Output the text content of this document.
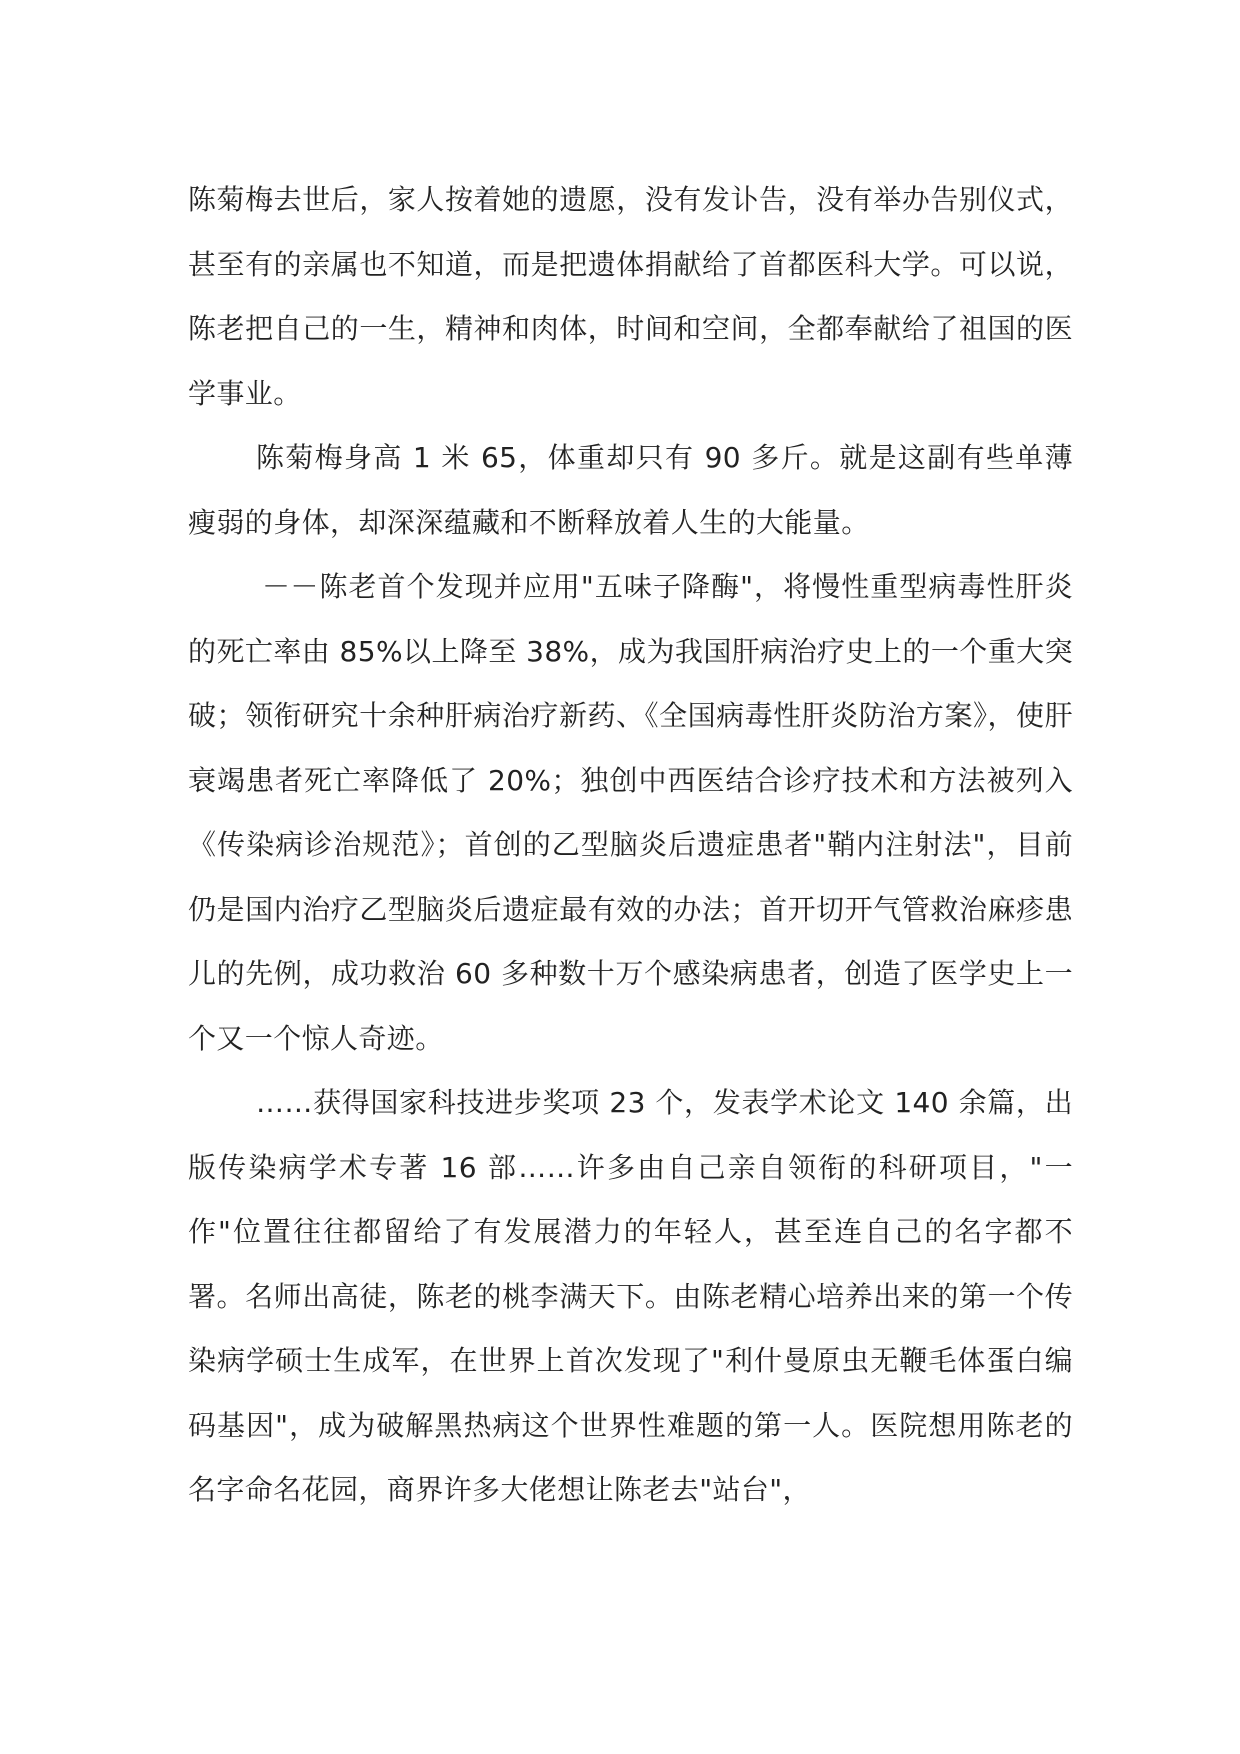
陈菊梅去世后，家人按着她的遗愿，没有发讣告，没有举办告别仪式，甚至有的亲属也不知道，而是把遗体捐献给了首都医科大学。可以说，陈老把自己的一生，精神和肉体，时间和空间，全都奉献给了祖国的医学事业。

陈菊梅身高 1 米 65，体重却只有 90 多斤。就是这副有些单薄瘦弱的身体，却深深蕴藏和不断释放着人生的大能量。

－－陈老首个发现并应用"五味子降酶"，将慢性重型病毒性肝炎的死亡率由 85%以上降至 38%，成为我国肝病治疗史上的一个重大突破；领衔研究十余种肝病治疗新药、《全国病毒性肝炎防治方案》，使肝衰竭患者死亡率降低了 20%；独创中西医结合诊疗技术和方法被列入《传染病诊治规范》；首创的乙型脑炎后遗症患者"鞘内注射法"，目前仍是国内治疗乙型脑炎后遗症最有效的办法；首开切开气管救治麻疹患儿的先例，成功救治 60 多种数十万个感染病患者，创造了医学史上一个又一个惊人奇迹。

……获得国家科技进步奖项 23 个，发表学术论文 140 余篇，出版传染病学术专著 16 部……许多由自己亲自领衔的科研项目，"一作"位置往往都留给了有发展潜力的年轻人，甚至连自己的名字都不署。名师出高徒，陈老的桃李满天下。由陈老精心培养出来的第一个传染病学硕士生成军，在世界上首次发现了"利什曼原虫无鞭毛体蛋白编码基因"，成为破解黑热病这个世界性难题的第一人。医院想用陈老的名字命名花园，商界许多大佬想让陈老去"站台"，
